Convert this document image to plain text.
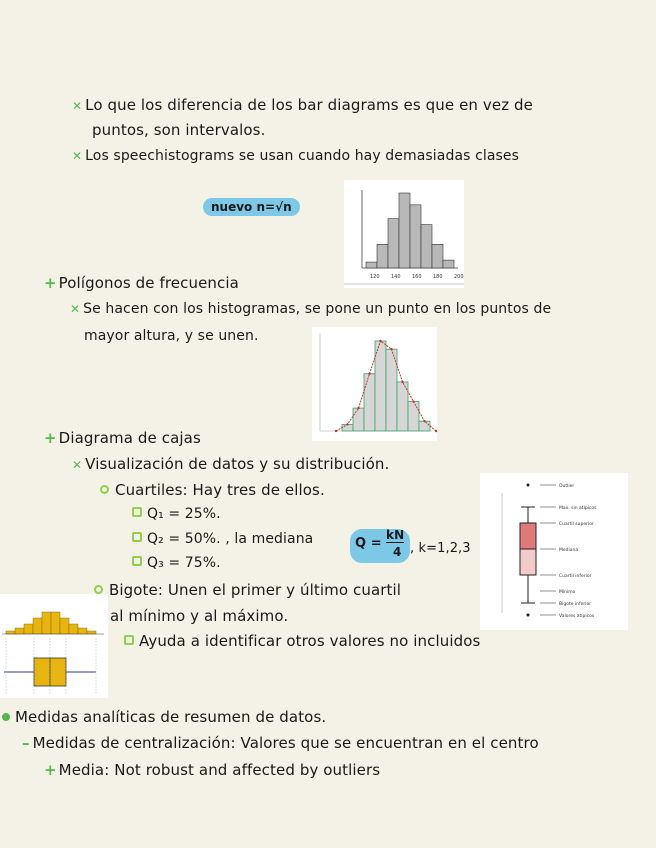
✕ Lo que los diferencia de los bar diagrams es que en vez de
puntos, son intervalos.
✕ Los speechistograms se usan cuando hay demasiadas clases
nuevo n=√n
120 140 160 180 200
+ Polígonos de frecuencia
✕ Se hacen con los histogramas, se pone un punto en los puntos de
mayor altura, y se unen.
+ Diagrama de cajas
✕ Visualización de datos y su distribución.
Cuartiles: Hay tres de ellos.
Q₁ = 25%.
Q₂ = 50%. , la mediana
Q₃ = 75%.
Q =
kN
4 , k=1,2,3
Outlier
Max. sin atípicos
Cuartil superior
Mediana
Cuartil inferior
Mínimo
Bigote inferior
Valores atípicos
Bigote: Unen el primer y último cuartil
al mínimo y al máximo.
Ayuda a identificar otros valores no incluidos
Medidas analíticas de resumen de datos.
– Medidas de centralización: Valores que se encuentran en el centro
+ Media: Not robust and affected by outliers
